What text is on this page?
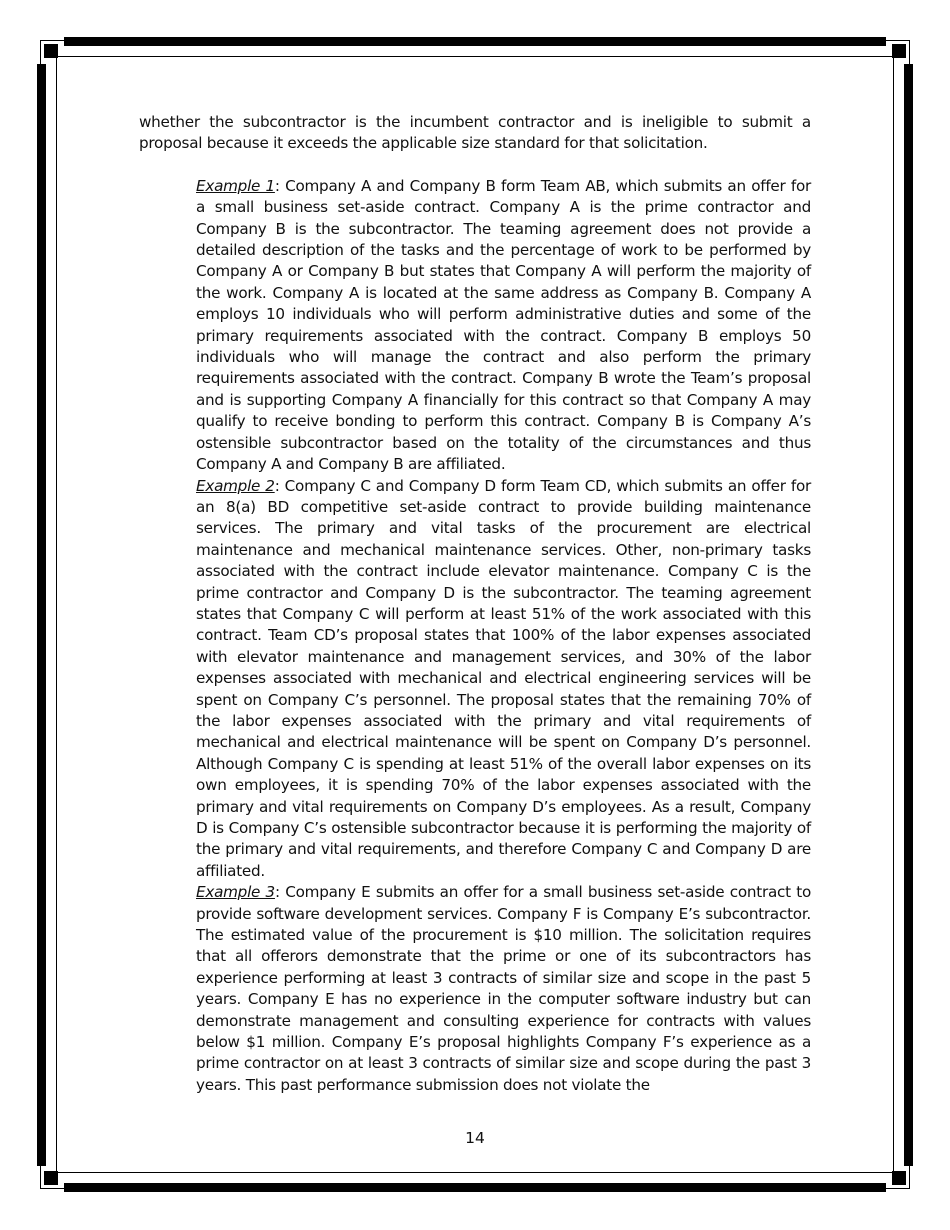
whether the subcontractor is the incumbent contractor and is ineligible to submit a proposal because it exceeds the applicable size standard for that solicitation.

Example 1: Company A and Company B form Team AB, which submits an offer for a small business set-aside contract. Company A is the prime contractor and Company B is the subcontractor. The teaming agreement does not provide a detailed description of the tasks and the percentage of work to be performed by Company A or Company B but states that Company A will perform the majority of the work. Company A is located at the same address as Company B. Company A employs 10 individuals who will perform administrative duties and some of the primary requirements associated with the contract. Company B employs 50 individuals who will manage the contract and also perform the primary requirements associated with the contract. Company B wrote the Team’s proposal and is supporting Company A financially for this contract so that Company A may qualify to receive bonding to perform this contract. Company B is Company A’s ostensible subcontractor based on the totality of the circumstances and thus Company A and Company B are affiliated.

Example 2: Company C and Company D form Team CD, which submits an offer for an 8(a) BD competitive set-aside contract to provide building maintenance services. The primary and vital tasks of the procurement are electrical maintenance and mechanical maintenance services. Other, non-primary tasks associated with the contract include elevator maintenance. Company C is the prime contractor and Company D is the subcontractor. The teaming agreement states that Company C will perform at least 51% of the work associated with this contract. Team CD’s proposal states that 100% of the labor expenses associated with elevator maintenance and management services, and 30% of the labor expenses associated with mechanical and electrical engineering services will be spent on Company C’s personnel. The proposal states that the remaining 70% of the labor expenses associated with the primary and vital requirements of mechanical and electrical maintenance will be spent on Company D’s personnel. Although Company C is spending at least 51% of the overall labor expenses on its own employees, it is spending 70% of the labor expenses associated with the primary and vital requirements on Company D’s employees. As a result, Company D is Company C’s ostensible subcontractor because it is performing the majority of the primary and vital requirements, and therefore Company C and Company D are affiliated.

Example 3: Company E submits an offer for a small business set-aside contract to provide software development services. Company F is Company E’s subcontractor. The estimated value of the procurement is $10 million. The solicitation requires that all offerors demonstrate that the prime or one of its subcontractors has experience performing at least 3 contracts of similar size and scope in the past 5 years. Company E has no experience in the computer software industry but can demonstrate management and consulting experience for contracts with values below $1 million. Company E’s proposal highlights Company F’s experience as a prime contractor on at least 3 contracts of similar size and scope during the past 3 years. This past performance submission does not violate the

14
